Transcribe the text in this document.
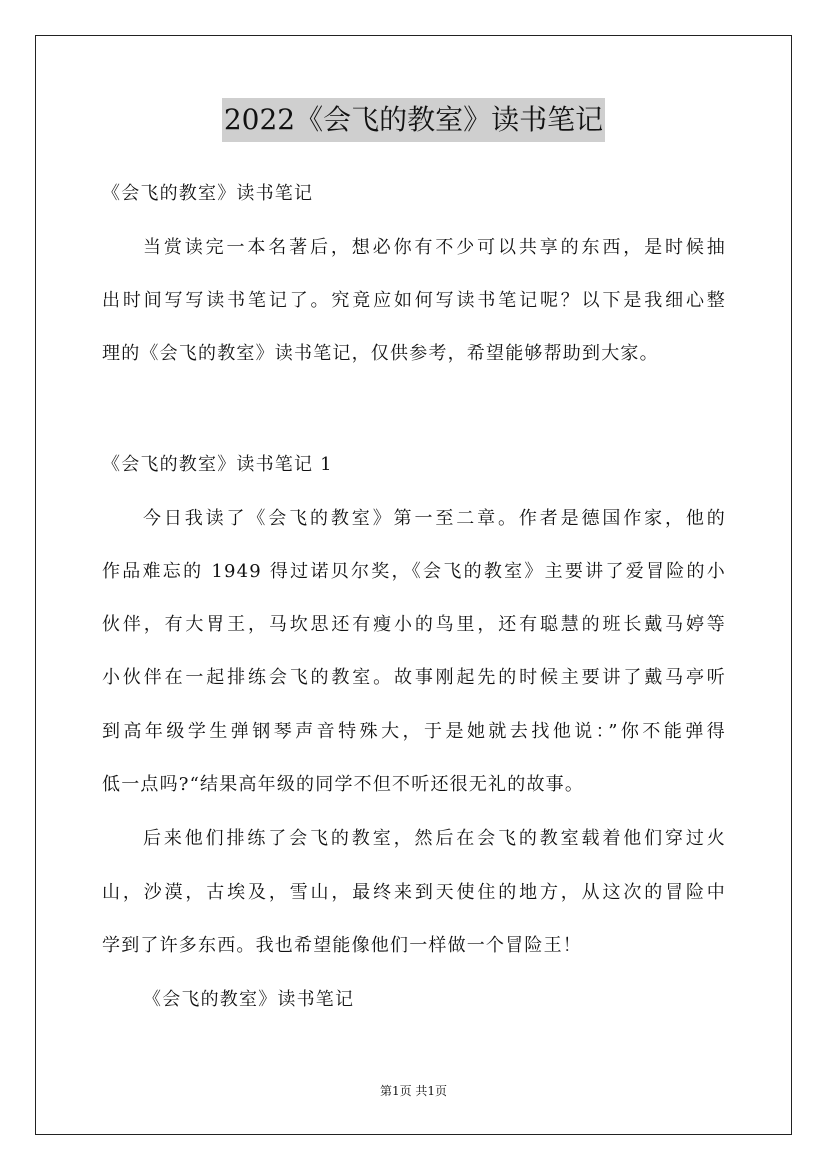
2022《会飞的教室》读书笔记
《会飞的教室》读书笔记
当赏读完一本名著后，想必你有不少可以共享的东西，是时候抽
出时间写写读书笔记了。究竟应如何写读书笔记呢？以下是我细心整
理的《会飞的教室》读书笔记，仅供参考，希望能够帮助到大家。
《会飞的教室》读书笔记 1
今日我读了《会飞的教室》第一至二章。作者是德国作家，他的
作品难忘的 1949 得过诺贝尔奖，《会飞的教室》主要讲了爱冒险的小
伙伴，有大胃王，马坎思还有瘦小的鸟里，还有聪慧的班长戴马婷等
小伙伴在一起排练会飞的教室。故事刚起先的时候主要讲了戴马亭听
到高年级学生弹钢琴声音特殊大，于是她就去找他说：”你不能弹得
低一点吗?“结果高年级的同学不但不听还很无礼的故事。
后来他们排练了会飞的教室，然后在会飞的教室载着他们穿过火
山，沙漠，古埃及，雪山，最终来到天使住的地方，从这次的冒险中
学到了许多东西。我也希望能像他们一样做一个冒险王！
《会飞的教室》读书笔记
第1页 共1页
